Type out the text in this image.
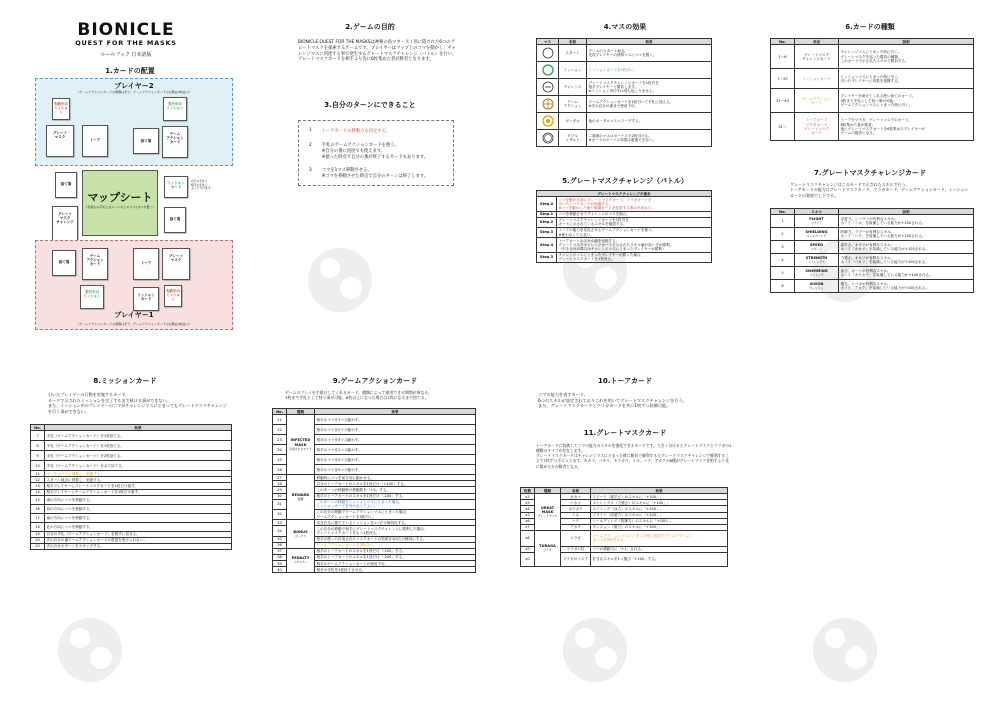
BIONICLE
QUEST FOR THE MASKS
ルールブック 日本語版
1.カードの配置
プレイヤー2
（ゲームアクションカードの誘導は手で、ゲームアクションカードの右側は4枚並ぶ）
失敗中の
ミッション
グレート
マスク
トーア	捨て場
ゲーム
アクション
カード
実行中の
ミッション
捨て場
マップシート
（各個人の手札にはシートの上のマスに2つを置く）
グレート
マスク
チャレンジ
ミッション
カード
捨て場
自分の手札と
相手の手札に
よって分けます
プレイヤー1
（ゲームアクションカードの誘導は手で、ゲームアクションカードの右側は4枚並ぶ）
捨て場
ゲーム
アクション
カード	トーア
グレート
マスク
実行中の
ミッション
失敗中の
ミッション
ミッション
カード
2.ゲームの目的
BIONICLE QUEST FOR THE MASKSは神秘の島マタ・ヌイ島に隠された6つのグレートマスクを探索するゲームです。プレイヤーはマップ上のコマを動かし、チャレンジマスに到達する事で発生するグレートマスクチャレンジ（バトル）を行い、グレートマスクカードを相手より先に6枚集めた者が勝者となります。
3.自分のターンにできること
1 トーアカードの移動力を決定する。
2 手札のゲームアクションカードを使う。
※自分の番に何度でも使えます。
※使った時点で自分の番が終了するカードもあります。
3 コマを1マス移動させる。
※コマを移動させた時点で自分のターンは終了します。
4.マスの効果
マス	名称	効果
	スタート	ゲームのスタート地点。
先攻プレイヤーの誘導マスにコマを置く。
	ミッション	ミッションカードを1枚引く。
	チャレンジ	グレートマスクチャレンジカードを1枚引き、
相手プレイヤーと勝負します。
※ミッション実行中は何も起こりません。
	ゲーム
アクション	ゲームアクションカードを1枚引いて手札に加える。
※次の自分の番まで使用不可。
	ポータル	他のポータルマスへワープする。
	ダブル
リザルト	二重線のマスはボーナスで2枚引ける。
※カードのボーナス効果は重複できない。
5.グレートマスクチャレンジ（バトル）
グレートマスクチャレンジの流れ	
Step.0	コマを動かす前にグレートマスクカード、ツラガカードを
引いたトーアカードが組織する。
※コマを動かした後で組織カードを変更する事は出来ない。
Step.1	コマを移動させてチャレンジのマスを踏む。
Step.2	グレートマスクチャレンジカードを1枚引き、
カードに示されているスキルを確認する。
Step.3	トーアの能力を変化させるゲームアクションカードを使う。
※使わなくても良い。
Step.4	トーアカードのスキル値を比較する。
グレートマスクチャレンジカードで示されたスキル値が高い方が勝利。
（引き分けの場合はチャレンジマスにとまったプレイヤーが勝利）
Step.5	チャレンジマスにとまったプレイヤーが勝った場合、
グレートマスクカードを1枚得る。
6.カードの種類
No.	名前	説明
1〜6	グレートマスク
チャレンジカード	チャレンジマスにとまった時に引く。
グレートマスクを巡った勝負の種類。
このカードで示されたスキルで勝負する。
7〜20	ミッションカード	ミッションマスにとまった時に引く。
引いたプレイヤーに効果を発揮する。
21〜40	ゲームアクション
カード	プレイヤーを助けてくれる使い捨てのカード。
3枚まで手札として持つ事が可能。
ゲームアクションマスにとまった時に引く。
S1〜	トーアカード
ツラガカード
グレートマスク
カード	トーアやツラガ、グレートマスクのカード。
6枚集めた者が勝者。
他にグレートマスクカードを6枚集めたプレイヤーが
ゲームの勝者となる。
7.グレートマスクチャレンジカード
グレートマスクチャレンジはこのカードで示されたスキルで行う。
トーアカードの能力はグレートマスクカード、ツラガカード、ゲームアクションカード、ミッションカードの効果で上下する。
No.	スキル	説明
1	FLIGHT
フライト	浮遊力。レーヴァが有利なスキル。
カノイ「ミル」を装備している能力が+100される。
2	SHIELDING
シールディング	防御力。ラプーが有利なスキル。
カノイ「ハウ」を装備している能力が+100される。
3	SPEED
スピード	素早さ。オウツが有利なスキル。
カノイ「カカマ」を装備している能力が+100される。
4	STRENGTH
ストレングス	力強さ。オネワが有利なスキル。
カノイ「パカリ」を装備している能力が+100される。
5	SWIMMING
スイミング	泳力。ガーリが有利なスキル。
カノイ「カウカウ」を装備している能力が+100される。
6	VISION
ヴィジョン	視力。コパカが有利なスキル。
カノイ「アカク」を装備している能力が+100される。
8.ミッションカード
引いたプレイヤーの行動を実施するカード。
カードで示されたミッションを完了するまで続ける事ができない。
また、ミッション中のプレイヤーのコマがチャレンジマスにとまってもグレートマスクチャレンジを行う事ができない。
No.	効果
7	手札（ゲームアクションカード）を1枚捨てる。
8	手札（ゲームアクションカード）を1枚捨てる。
9	手札（ゲームアクションカード）を2枚捨てる。
10	手札（ゲームアクションカード）を全て捨てる。
11	ポータルマスに到着し、到達する。
12	スタート地点に到着し、到達する。
13	相手プレイヤーにグレートマスクカードを1枚だけ渡す。
14	相手プレイヤーにゲームアクションカードを1枚だけ渡す。
15	東の方向にコマを移動する。
16	西の方向にコマを移動する。
17	南の方向にコマを移動する。
18	北の方向にコマを移動する。
19	自分の手札（ゲームアクションカード）を相手に見せる。
20	次の自分の番ゲームアクションカードの恩恵を受けられない。
20	次の自分のターンをスキップする。
9.ゲームアクションカード
ゲームのプレイを手助けしてくれるカード。種類によって使用できる期間が異なる。
3枚まで手札として持つ事が可能。6枚以上になった場合は1枚になるまで捨てる。
No.	種類	効果
21	INFECTED
MASK
汚染されたマスク	相手のコマを1マス動かす。
22		相手のコマを2マス動かす。
23		相手のコマを3マス動かす。
24		相手のコマを1マス動かす。
25		相手のコマを2マス動かす。
26		相手のコマを3マス動かす。
27	REWARD
報酬	移動時にコマを前方向に動かせる。
28		自分のトーアカードのスキルを1回だけ「+100」する。
29		このターンの移動時の移動数を「+2」する。
30		相手のトーアカードのスキルを1回だけ「-100」する。
31		このターンの移動でミッションマスにとまった場合、
ミッションカードを引かなくてよい。
32		この自分の移動でゲームアクションマスにとまった場合、
ゲームアクションカードを3枚引く。
33	BONUS
ボーナス	長在自分に勝てているミッションを1つだけ無効化する。
34		この自分の移動で相手にグレートマスクチャレンジに勝利した場合、
グレートマスクカードをもう1枚得る。
35		相手の使った汚染されたマスクカードの効果を1回だけ無効にする。
36		ゲームアクションカードを2枚引く。
37	PENALTY
ペナルティ	相手のトーアカードのスキルを1回だけ「-100」する。
38		相手のトーアカードのスキルを1回だけ「-200」する。
39		相手のゲームアクションカードの使用不可。
40		相手の手札を1枚捨てさせる。
10.トーアカード
コマの能力を表すカード。
6つのスキルが設定されておりこれを用いてグレートマスクチャレンジを行う。
また、グレートマスクカードとツラガカードを共に1枚ずつ装備可能。
11.グレートマスクカード
トーアカードに装備してコマの能力のスキルを強化できるカードです。大きく分けるとグレートマスクとツラガの2種類のタイプが存在します。
グレートマスクカードはチャレンジマスにとまった時に勝負で勝利するとグレートマスクチャレンジで勝利することで1枚ずつ手に入ります。カカマ、パカリ、カウカウ、ミル、ハウ、アカクの6種がグレートマスクを相手より先に集めた方が勝者となる。
枚数	種類	名称	効果
x2	GREAT
MASK
グレートマスク	カカマ	スピード（素早さ）のスキルに「+100」。
x5		パカリ	ストレングス（力強さ）のスキルに「+100」。
x4		カウカウ	スイミング（泳力）のスキルに「+100」。
x5		ミル	フライト（浮遊力）のスキルに「+100」。
x6		ハウ	シールディング（防御力）のスキルに「+100」。
x7		アカク	ヴィジョン（視力）のスキルに「+100」。
x8	TURAGA
ツラガ	ツラガ	ゲームアクションマスにとまった時に追加でゲームアクション
カードを2枚引ける。
x9		ツラガの杖	コマの移動力に「+1」される。
x0		ツラガのマスク	好きなスキルを1つ選び「+100」する。
